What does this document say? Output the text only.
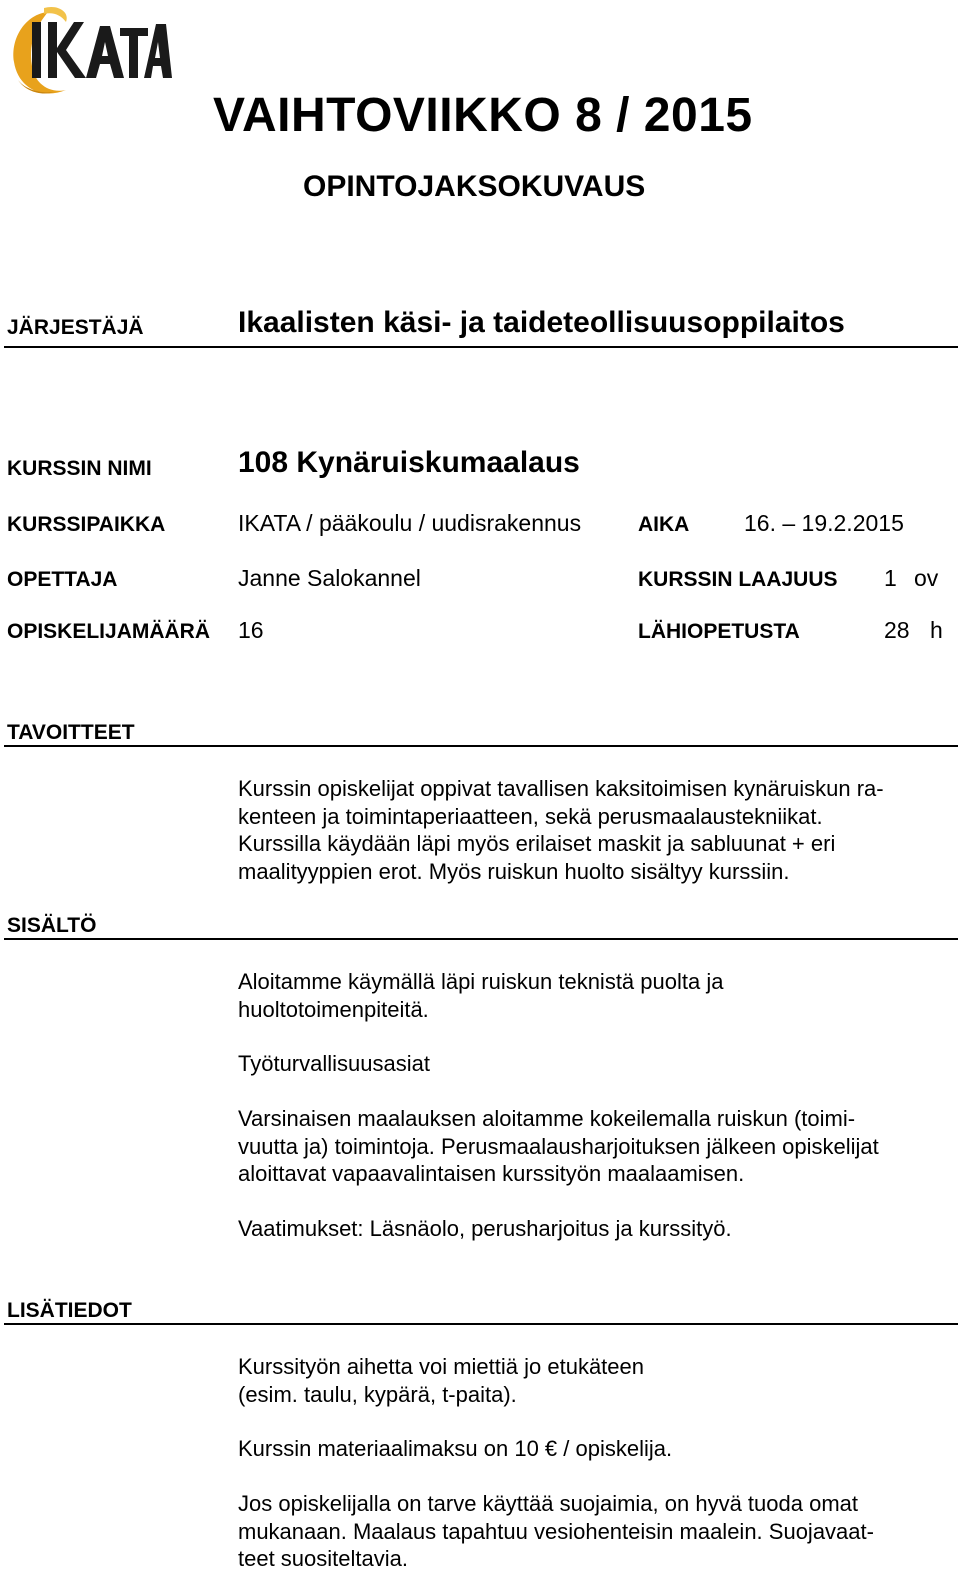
VAIHTOVIIKKO 8 / 2015
OPINTOJAKSOKUVAUS
JÄRJESTÄJÄ	Ikaalisten käsi- ja taideteollisuusoppilaitos
KURSSIN NIMI	108 Kynäruiskumaalaus
KURSSIPAIKKA	IKATA / pääkoulu / uudisrakennus	AIKA 16. – 19.2.2015
OPETTAJA	Janne Salokannel	KURSSIN LAAJUUS 1 ov
OPISKELIJAMÄÄRÄ 16	LÄHIOPETUSTA	28 h
TAVOITTEET

Kurssin opiskelijat oppivat tavallisen kaksitoimisen kynäruiskun ra-

kenteen ja toimintaperiaatteen, sekä perusmaalaustekniikat.

Kurssilla käydään läpi myös erilaiset maskit ja sabluunat + eri

maalityyppien erot. Myös ruiskun huolto sisältyy kurssiin.

SISÄLTÖ

Aloitamme käymällä läpi ruiskun teknistä puolta ja

huoltotoimenpiteitä.

Työturvallisuusasiat

Varsinaisen maalauksen aloitamme kokeilemalla ruiskun (toimi-

vuutta ja) toimintoja. Perusmaalausharjoituksen jälkeen opiskelijat

aloittavat vapaavalintaisen kurssityön maalaamisen.

Vaatimukset: Läsnäolo, perusharjoitus ja kurssityö.

LISÄTIEDOT

Kurssityön aihetta voi miettiä jo etukäteen

(esim. taulu, kypärä, t-paita).

Kurssin materiaalimaksu on 10 € / opiskelija.

Jos opiskelijalla on tarve käyttää suojaimia, on hyvä tuoda omat

mukanaan. Maalaus tapahtuu vesiohenteisin maalein. Suojavaat-

teet suositeltavia.
